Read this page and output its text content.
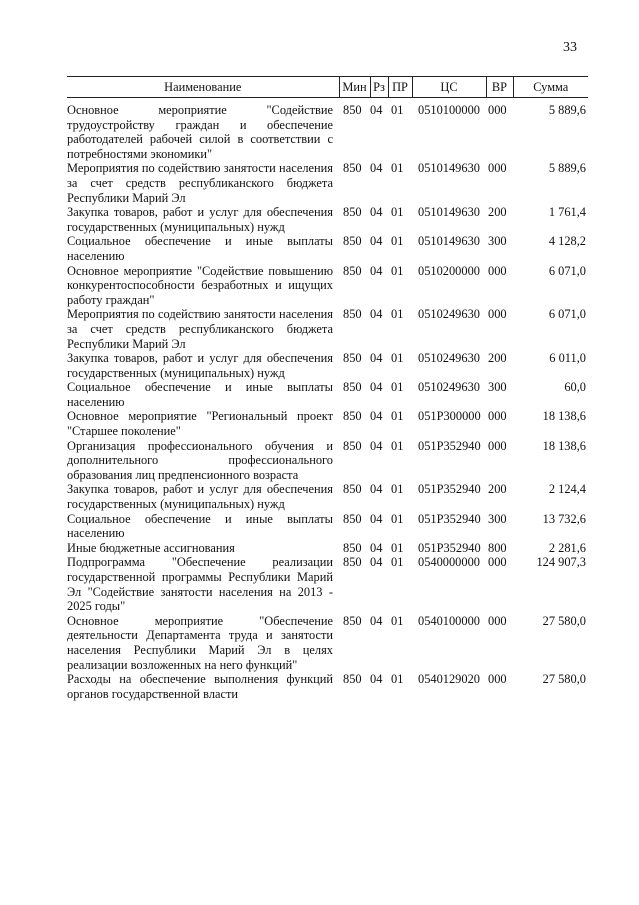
33
Наименование	Мин	Рз	ПР	ЦС	ВР	Сумма
Основное мероприятие "Содействие трудоустройству граждан и обеспечение работодателей рабочей силой в соответствии с потребностями экономики"	850	04	01	0510100000	000	5 889,6
Мероприятия по содействию занятости населения за счет средств республиканского бюджета Республики Марий Эл	850	04	01	0510149630	000	5 889,6
Закупка товаров, работ и услуг для обеспечения государственных (муниципальных) нужд	850	04	01	0510149630	200	1 761,4
Социальное обеспечение и иные выплаты населению	850	04	01	0510149630	300	4 128,2
Основное мероприятие "Содействие повышению конкурентоспособности безработных и ищущих работу граждан"	850	04	01	0510200000	000	6 071,0
Мероприятия по содействию занятости населения за счет средств республиканского бюджета Республики Марий Эл	850	04	01	0510249630	000	6 071,0
Закупка товаров, работ и услуг для обеспечения государственных (муниципальных) нужд	850	04	01	0510249630	200	6 011,0
Социальное обеспечение и иные выплаты населению	850	04	01	0510249630	300	60,0
Основное мероприятие "Региональный проект "Старшее поколение"	850	04	01	051P300000	000	18 138,6
Организация профессионального обучения и дополнительного профессионального образования лиц предпенсионного возраста	850	04	01	051P352940	000	18 138,6
Закупка товаров, работ и услуг для обеспечения государственных (муниципальных) нужд	850	04	01	051P352940	200	2 124,4
Социальное обеспечение и иные выплаты населению	850	04	01	051P352940	300	13 732,6
Иные бюджетные ассигнования	850	04	01	051P352940	800	2 281,6
Подпрограмма "Обеспечение реализации государственной программы Республики Марий Эл "Содействие занятости населения на 2013 - 2025 годы"	850	04	01	0540000000	000	124 907,3
Основное мероприятие "Обеспечение деятельности Департамента труда и занятости населения Республики Марий Эл в целях реализации возложенных на него функций"	850	04	01	0540100000	000	27 580,0
Расходы на обеспечение выполнения функций органов государственной власти	850	04	01	0540129020	000	27 580,0
